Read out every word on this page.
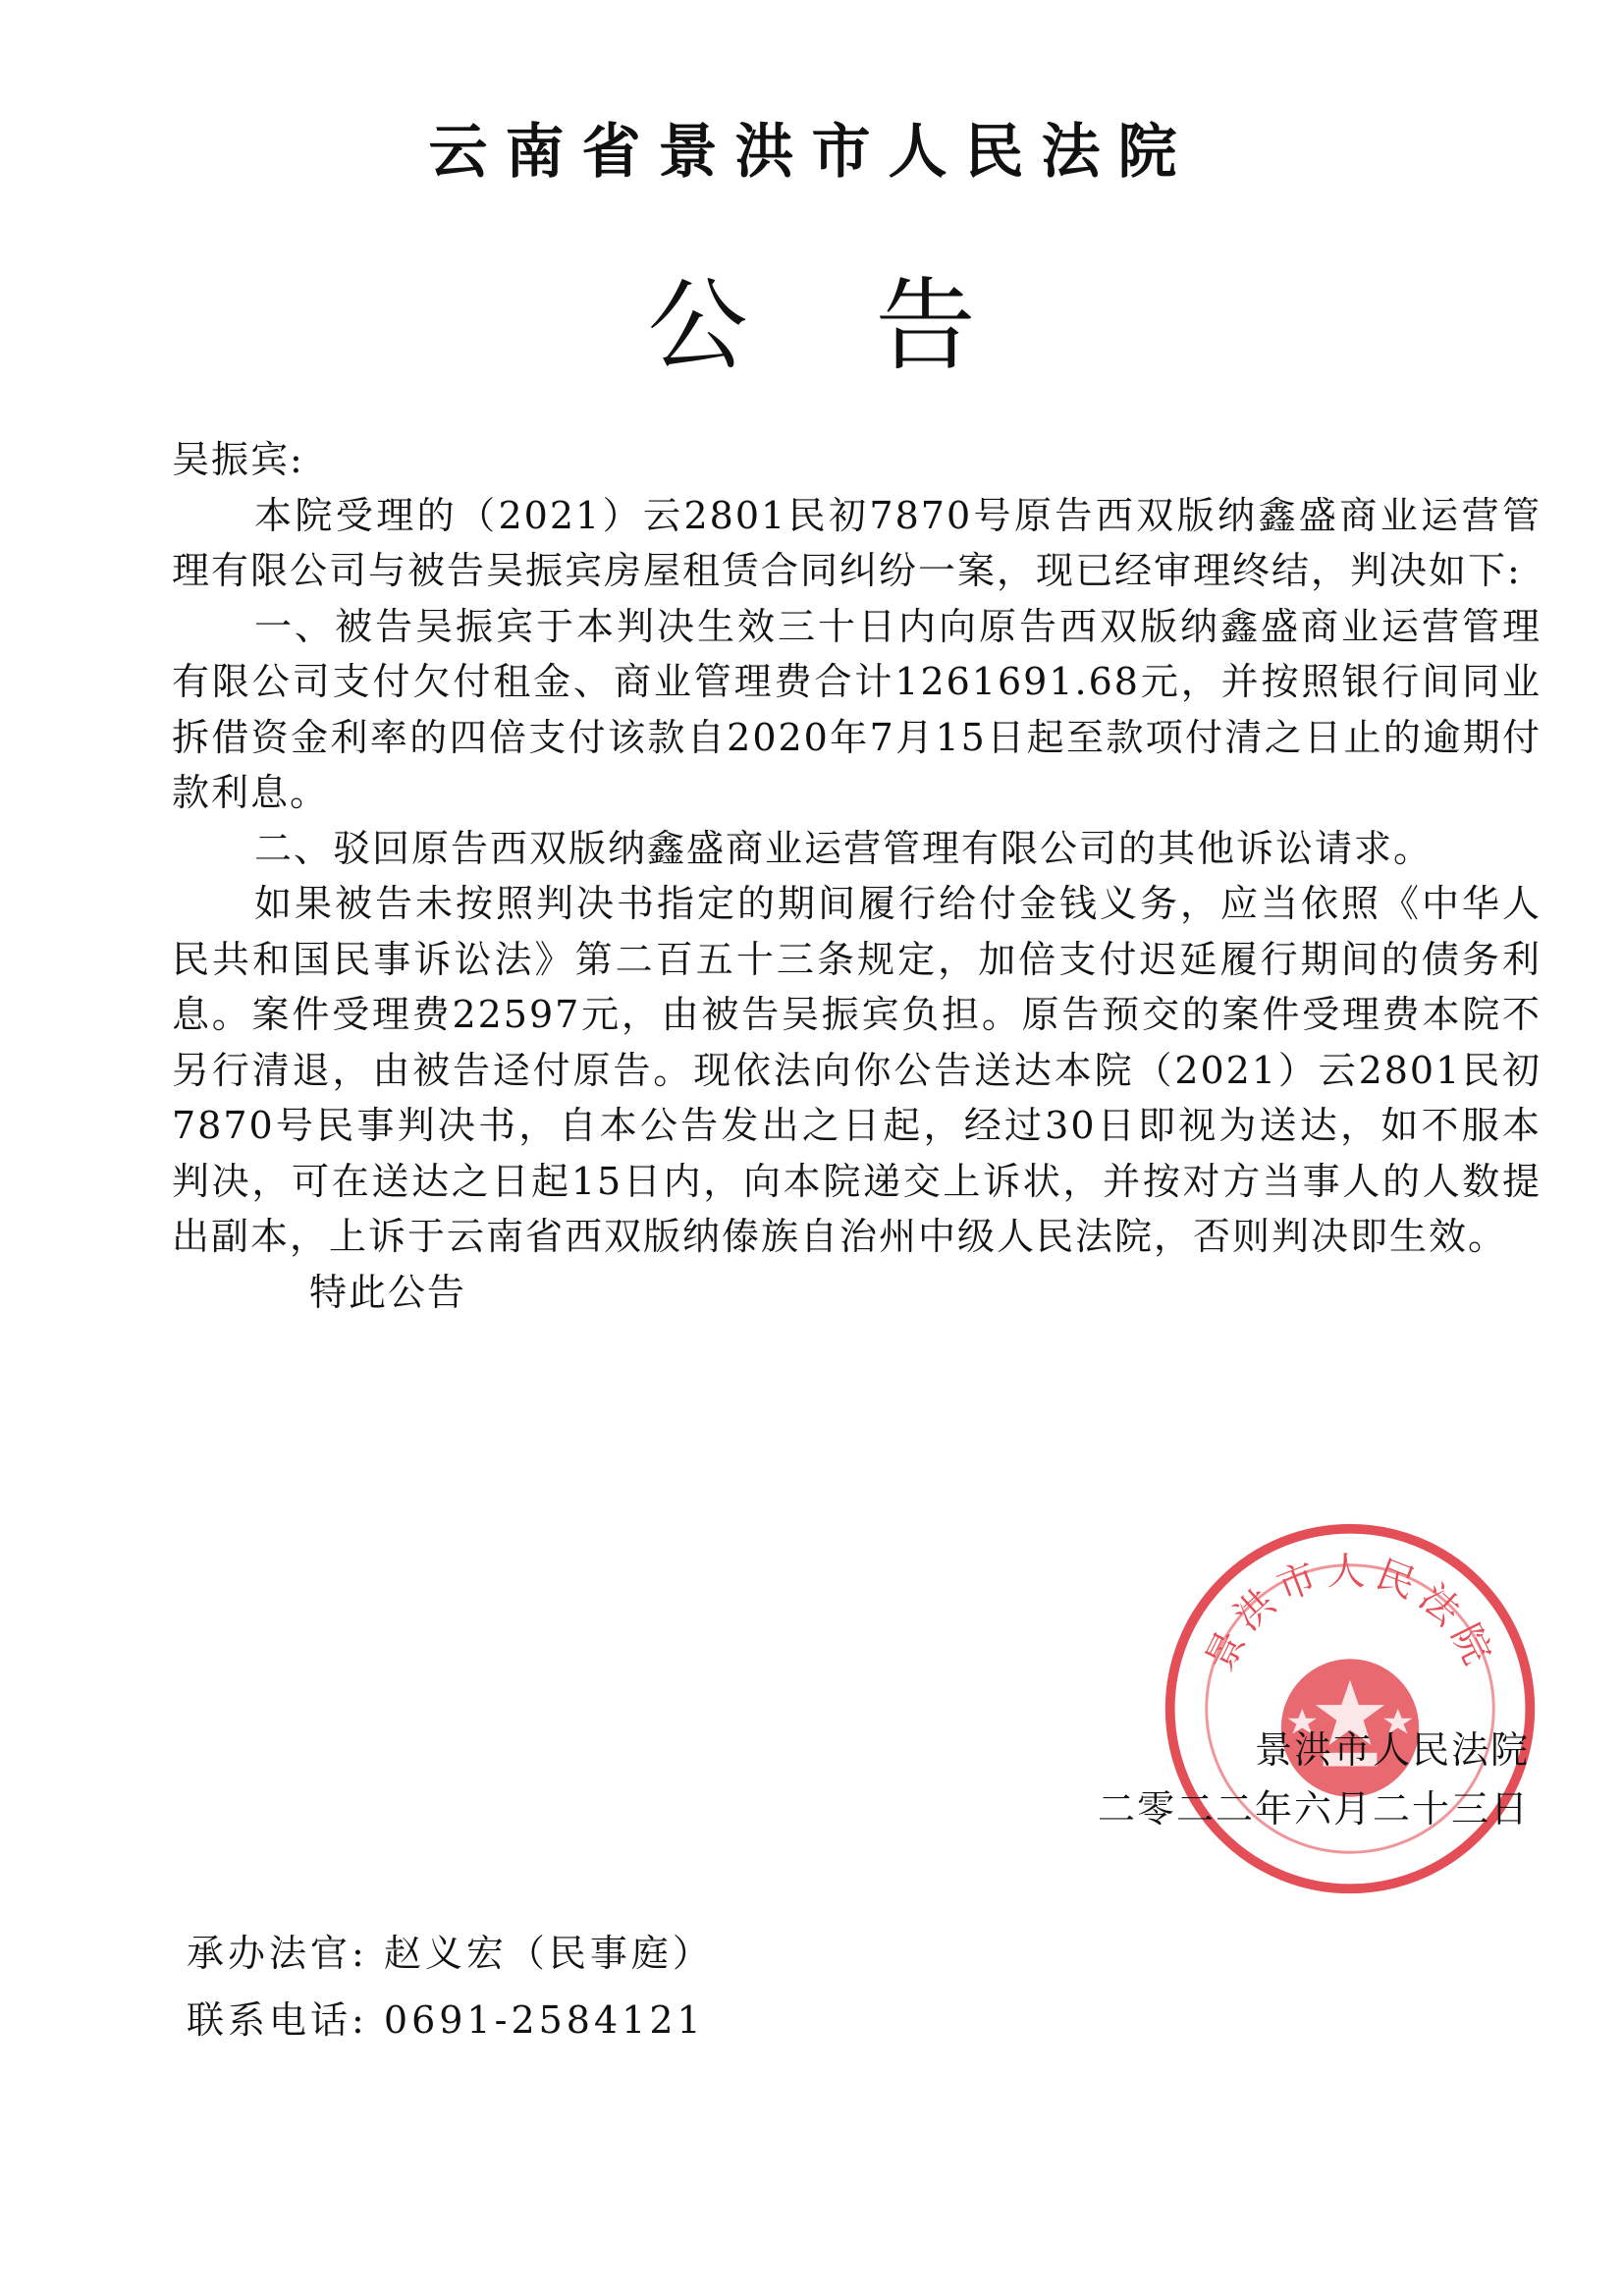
云南省景洪市人民法院
公告

吴振宾:

本院受理的（2021）云2801民初7870号原告西双版纳鑫盛商业运营管理有限公司与被告吴振宾房屋租赁合同纠纷一案，现已经审理终结，判决如下:

一、被告吴振宾于本判决生效三十日内向原告西双版纳鑫盛商业运营管理有限公司支付欠付租金、商业管理费合计1261691.68元，并按照银行间同业拆借资金利率的四倍支付该款自2020年7月15日起至款项付清之日止的逾期付款利息。

二、驳回原告西双版纳鑫盛商业运营管理有限公司的其他诉讼请求。

如果被告未按照判决书指定的期间履行给付金钱义务，应当依照《中华人民共和国民事诉讼法》第二百五十三条规定，加倍支付迟延履行期间的债务利息。案件受理费22597元，由被告吴振宾负担。原告预交的案件受理费本院不另行清退，由被告迳付原告。现依法向你公告送达本院（2021）云2801民初7870号民事判决书，自本公告发出之日起，经过30日即视为送达，如不服本判决，可在送达之日起15日内，向本院递交上诉状，并按对方当事人的人数提出副本，上诉于云南省西双版纳傣族自治州中级人民法院，否则判决即生效。

特此公告

景洪市人民法院
景洪市人民法院
二零二二年六月二十三日
承办法官: 赵义宏（民事庭）
联系电话: 0691-2584121
